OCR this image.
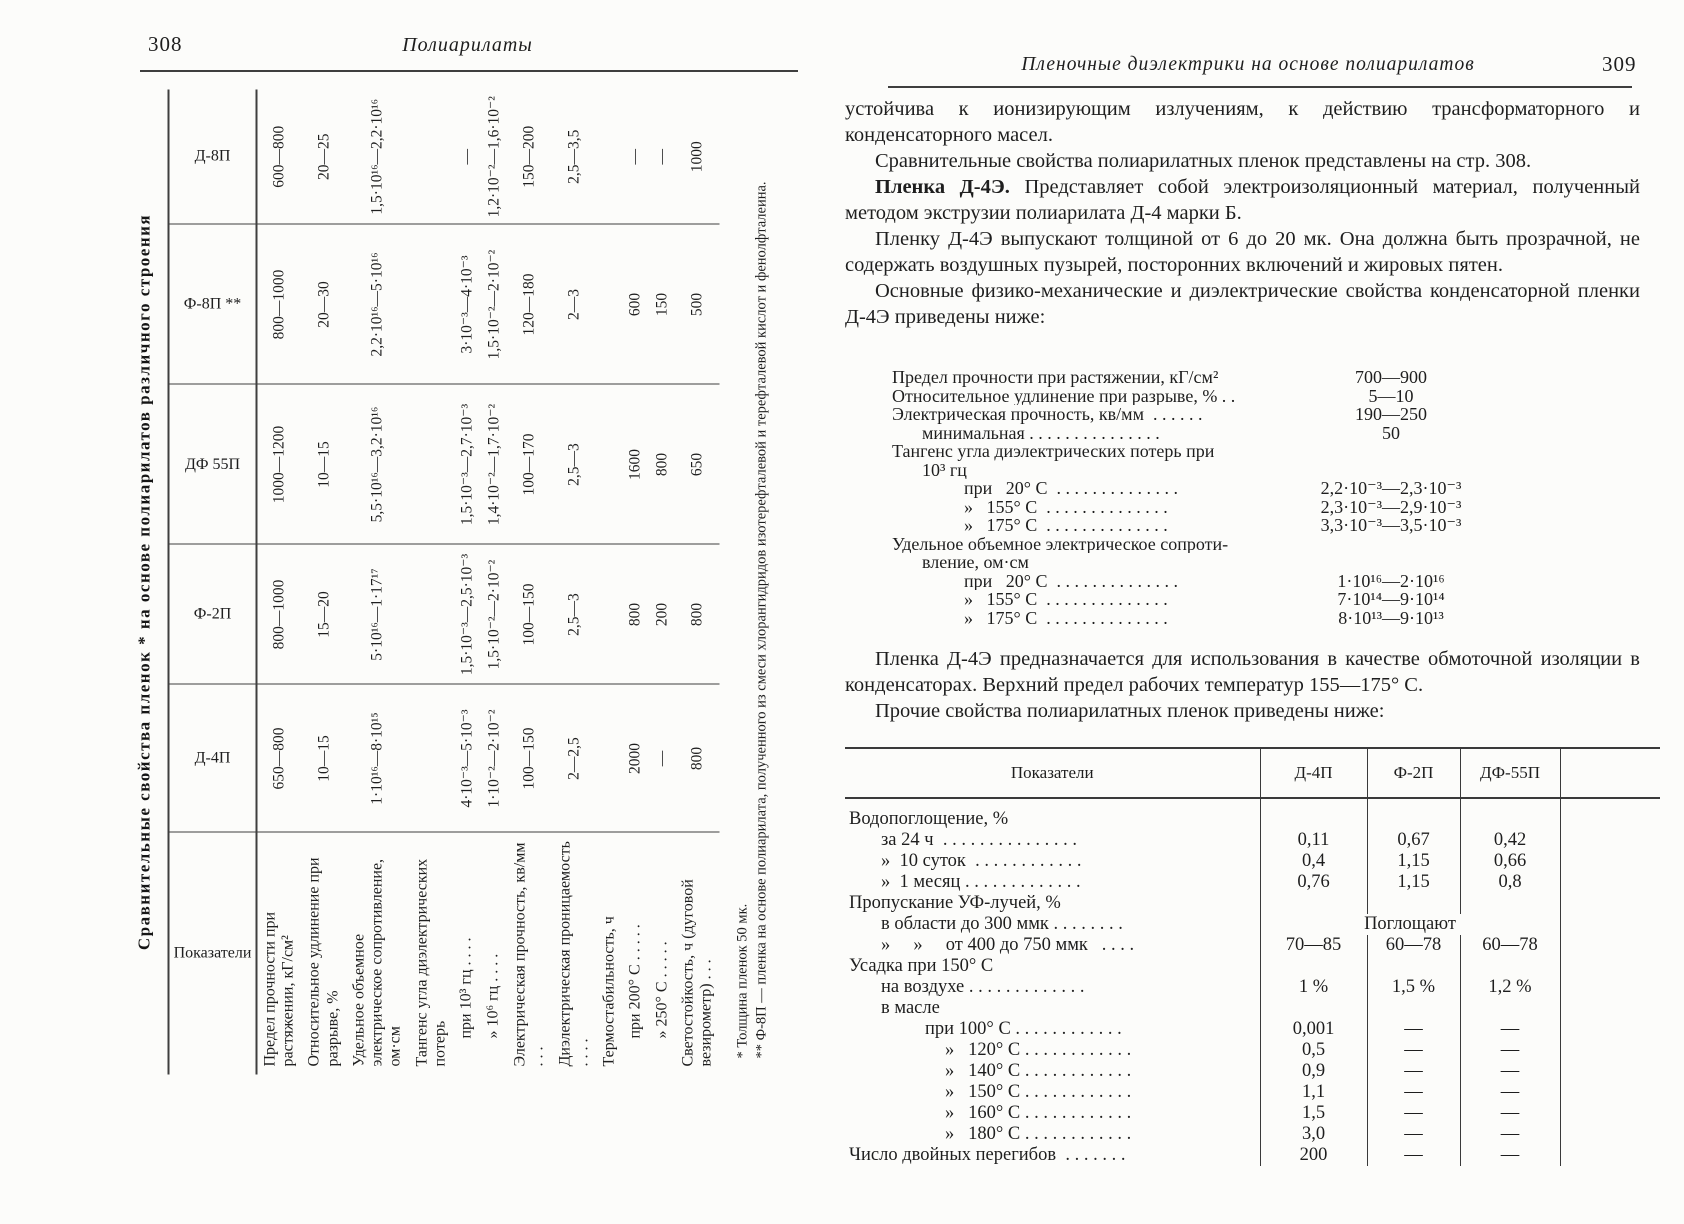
308	Полиарилаты
Сравнительные свойства пленок * на основе полиарилатов различного строения
Показатели	Д-4П	Ф-2П	ДФ 55П	Ф-8П **	Д-8П
Предел прочности при растяжении, кГ/см²	650—800	800—1000	1000—1200	800—1000	600—800
Относительное удлинение при разрыве, %	10—15	15—20	10—15	20—30	20—25
Удельное объемное электрическое сопротивление, ом·см	1·10¹⁶—8·10¹⁵	5·10¹⁶—1·17¹⁷	5,5·10¹⁶—3,2·10¹⁶	2,2·10¹⁶—5·10¹⁶	1,5·10¹⁶—2,2·10¹⁶
Тангенс угла диэлектрических потерь					
при 10³ гц . . . .	4·10⁻³—5·10⁻³	1,5·10⁻³—2,5·10⁻³	1,5·10⁻³—2,7·10⁻³	3·10⁻³—4·10⁻³	—
» 10⁶ гц . . . .	1·10⁻²—2·10⁻²	1,5·10⁻²—2·10⁻²	1,4·10⁻²—1,7·10⁻²	1,5·10⁻²—2·10⁻²	1,2·10⁻²—1,6·10⁻²
Электрическая прочность, кв/мм . . .	100—150	100—150	100—170	120—180	150—200
Диэлектрическая проницаемость . . . .	2—2,5	2,5—3	2,5—3	2—3	2,5—3,5
Термостабильность, ч					
при 200° С . . . . .	2000	800	1600	600	—
» 250° С . . . . .	—	200	800	150	—
Светостойкость, ч (дуговой везирометр) . . .	800	800	650	500	1000
* Толщина пленок 50 мк. ** Ф-8П — пленка на основе полиарилата, полученного из смеси хлорангидридов изотерефталевой и терефталевой кислот и фенолфталеина.
Пленочные диэлектрики на основе полиарилатов	309

устойчива к ионизирующим излучениям, к действию трансформаторного и конденсаторного масел.

Сравнительные свойства полиарилатных пленок представлены на стр. 308.

Пленка Д-4Э. Представляет собой электроизоляционный материал, полученный методом экструзии полиарилата Д-4 марки Б.

Пленку Д-4Э выпускают толщиной от 6 до 20 мк. Она должна быть прозрачной, не содержать воздушных пузырей, посторонних включений и жировых пятен.

Основные физико-механические и диэлектрические свойства конденсаторной пленки Д-4Э приведены ниже:

Предел прочности при растяжении, кГ/см²	700—900
Относительное удлинение при разрыве, % . .	5—10
Электрическая прочность, кв/мм  . . . . . .	190—250
минимальная . . . . . . . . . . . . . . .	50
Тангенс угла диэлектрических потерь при
10³ гц
при   20° С  . . . . . . . . . . . . . .	2,2·10⁻³—2,3·10⁻³
»   155° С  . . . . . . . . . . . . . .	2,3·10⁻³—2,9·10⁻³
»   175° С  . . . . . . . . . . . . . .	3,3·10⁻³—3,5·10⁻³
Удельное объемное электрическое сопроти-
вление, ом·см
при   20° С  . . . . . . . . . . . . . .	1·10¹⁶—2·10¹⁶
»   155° С  . . . . . . . . . . . . . .	7·10¹⁴—9·10¹⁴
»   175° С  . . . . . . . . . . . . . .	8·10¹³—9·10¹³

Пленка Д-4Э предназначается для использования в качестве обмоточной изоляции в конденсаторах. Верхний предел рабочих температур 155—175° С.

Прочие свойства полиарилатных пленок приведены ниже:

Показатели	Д-4П	Ф-2П	ДФ-55П	
Водопоглощение, %				
за 24 ч  . . . . . . . . . . . . . . .	0,11	0,67	0,42	
»  10 суток  . . . . . . . . . . . .	0,4	1,15	0,66	
»  1 месяц . . . . . . . . . . . . .	0,76	1,15	0,8	
Пропускание УФ-лучей, %				
в области до 300 ммк . . . . . . . .	Поглощают			
»     »     от 400 до 750 ммк   . . . .	70—85	60—78	60—78	
Усадка при 150° С				
на воздухе . . . . . . . . . . . . .	1 %	1,5 %	1,2 %	
в масле				
при 100° С . . . . . . . . . . . .	0,001	—	—	
»   120° С . . . . . . . . . . . .	0,5	—	—	
»   140° С . . . . . . . . . . . .	0,9	—	—	
»   150° С . . . . . . . . . . . .	1,1	—	—	
»   160° С . . . . . . . . . . . .	1,5	—	—	
»   180° С . . . . . . . . . . . .	3,0	—	—	
Число двойных перегибов  . . . . . . .	200	—	—	
